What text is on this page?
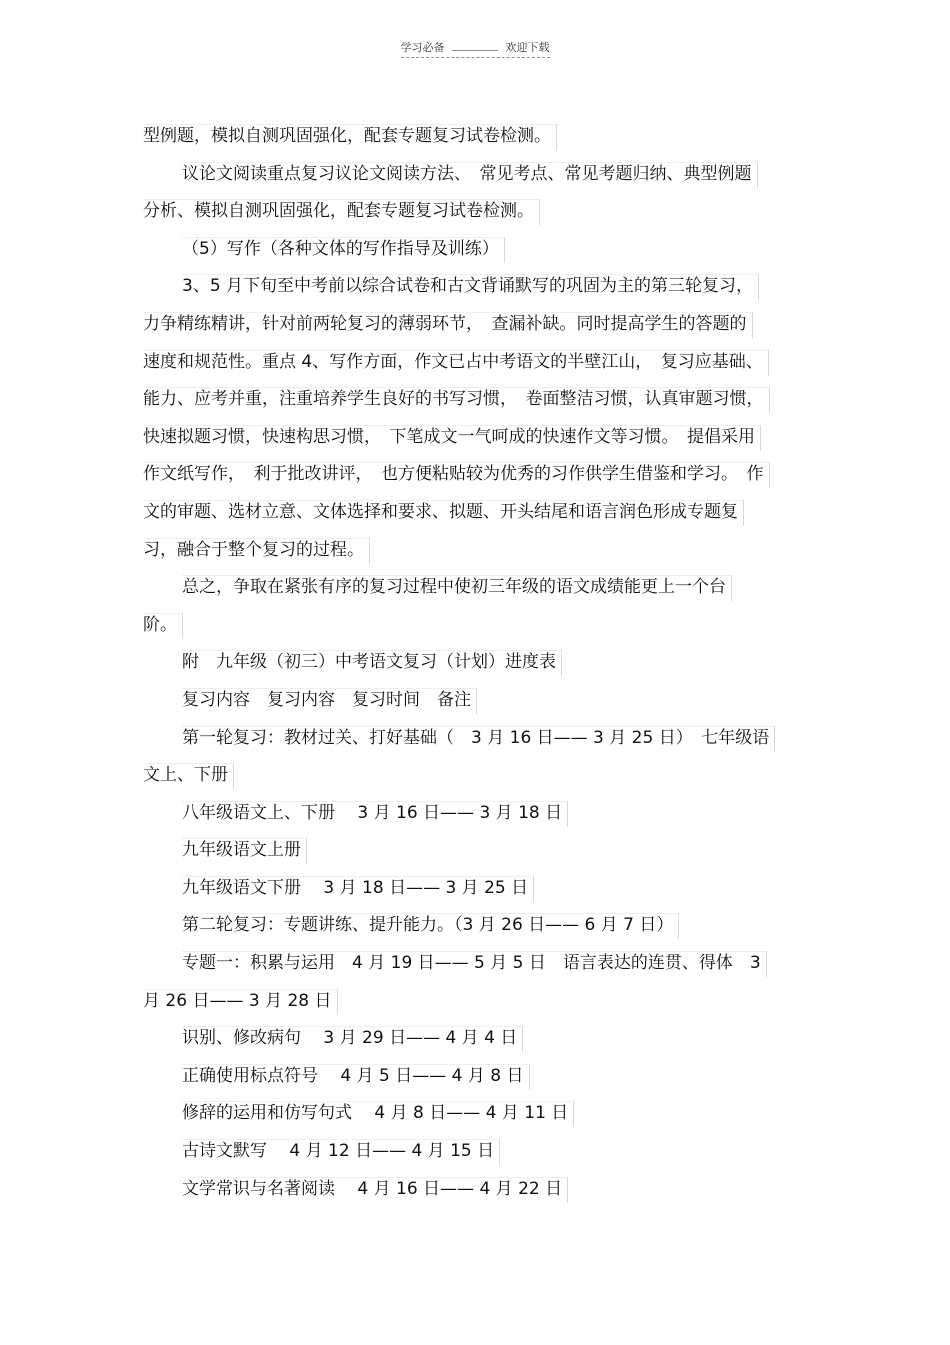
学习必备	欢迎下载
型例题，模拟自测巩固强化，配套专题复习试卷检测。
议论文阅读重点复习议论文阅读方法、　常见考点、常见考题归纳、典型例题
分析、模拟自测巩固强化，配套专题复习试卷检测。
（5）写作（各种文体的写作指导及训练）
3、5 月下旬至中考前以综合试卷和古文背诵默写的巩固为主的第三轮复习，
力争精练精讲，针对前两轮复习的薄弱环节，　查漏补缺。同时提高学生的答题的
速度和规范性。重点 4、写作方面，作文已占中考语文的半壁江山，　复习应基础、
能力、应考并重，注重培养学生良好的书写习惯，　卷面整洁习惯，认真审题习惯，
快速拟题习惯，快速构思习惯，　下笔成文一气呵成的快速作文等习惯。　提倡采用
作文纸写作，　利于批改讲评，　也方便粘贴较为优秀的习作供学生借鉴和学习。　作
文的审题、选材立意、文体选择和要求、拟题、开头结尾和语言润色形成专题复
习，融合于整个复习的过程。
总之，争取在紧张有序的复习过程中使初三年级的语文成绩能更上一个台
阶。
附　九年级（初三）中考语文复习（计划）进度表
复习内容　复习内容　复习时间　备注
第一轮复习：教材过关、打好基础（　3 月 16 日—— 3 月 25 日）　七年级语
文上、下册
八年级语文上、下册　 3 月 16 日—— 3 月 18 日
九年级语文上册
九年级语文下册　 3 月 18 日—— 3 月 25 日
第二轮复习：专题讲练、提升能力。（3 月 26 日—— 6 月 7 日）
专题一：积累与运用　4 月 19 日—— 5 月 5 日　语言表达的连贯、得体　3
月 26 日—— 3 月 28 日
识别、修改病句　 3 月 29 日—— 4 月 4 日
正确使用标点符号　 4 月 5 日—— 4 月 8 日
修辞的运用和仿写句式　 4 月 8 日—— 4 月 11 日
古诗文默写　 4 月 12 日—— 4 月 15 日
文学常识与名著阅读　 4 月 16 日—— 4 月 22 日
